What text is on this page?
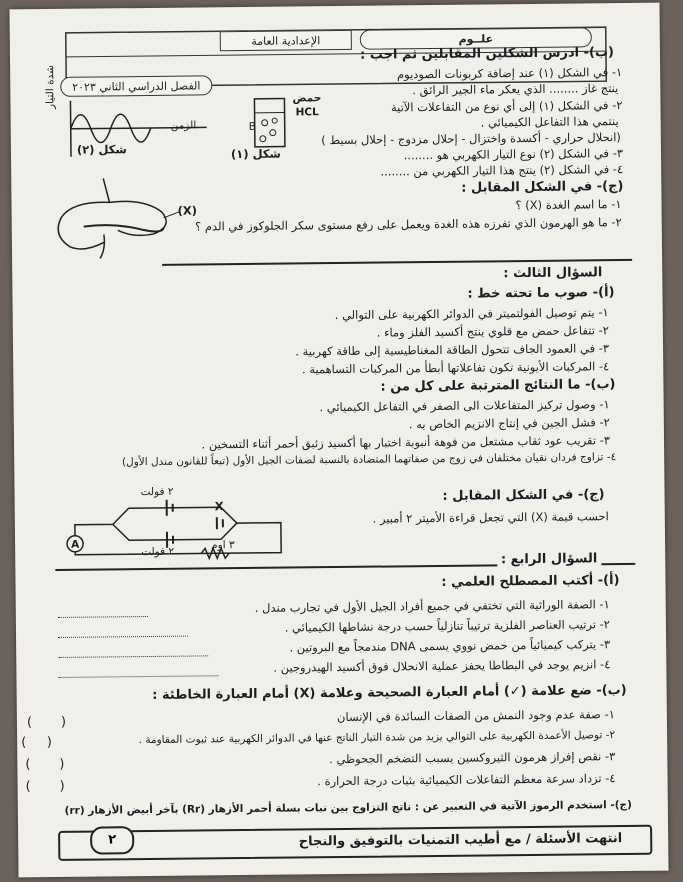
علــوم
الإعدادية العامة
الفصل الدراسي الثاني ٢٠٢٣
(ب)- ادرس الشكلين المقابلين ثم اجب :
١- في الشكل (١) عند إضافة كربونات الصوديوم
ينتج غاز ........ الذي يعكر ماء الجير الرائق .
٢- في الشكل (١) إلى أي نوع من التفاعلات الآتية
ينتمي هذا التفاعل الكيميائي .
(انحلال حراري - أكسدة واختزال - إحلال مزدوج - إحلال بسيط )
٣- في الشكل (٢) نوع التيار الكهربي هو ........
٤- في الشكل (٢) ينتج هذا التيار الكهربي من ........
حمض
HCL
B
شكل (١)
الزمن
شدة التيار
شكل (٢)
(ج)- في الشكل المقابل :
١- ما اسم الغدة (X) ؟
٢- ما هو الهرمون الذي تفرزه هذه الغدة ويعمل على رفع مستوى سكر الجلوكوز في الدم ؟
(X)
السؤال الثالث :
(أ)- صوب ما تحته خط :
١- يتم توصيل الفولتميتر في الدوائر الكهربية على التوالي .
٢- تتفاعل حمض مع قلوي ينتج أكسيد الفلز وماء .
٣- في العمود الجاف تتحول الطاقة المغناطيسية إلى طاقة كهربية .
٤- المركبات الأيونية تكون تفاعلاتها أبطأ من المركبات التساهمية .
(ب)- ما النتائج المترتبة على كل من :
١- وصول تركيز المتفاعلات الى الصفر في التفاعل الكيميائي .
٢- فشل الجين في إنتاج الانزيم الخاص به .
٣- تقريب عود ثقاب مشتعل من فوهة أنبوبة اختبار بها أكسيد زئبق أحمر أثناء التسخين .
٤- تزاوج فردان نقيان مختلفان في زوج من صفاتهما المتضادة بالنسبة لصفات الجيل الأول (تبعاً للقانون مندل الأول)
(ج)- في الشكل المقابل :
احسب قيمة (X) التي تجعل قراءة الأميتر ٢ أمبير .
A
٢ فولت
٢ فولت
٣ اوم
X
السؤال الرابع :
(أ)- أكتب المصطلح العلمي :
١- الصفة الوراثية التي تختفي في جميع أفراد الجيل الأول في تجارب مندل .
٢- ترتيب العناصر الفلزية ترتيباً تنازلياً حسب درجة نشاطها الكيميائي .
٣- يتركب كيميائياً من حمض نووي يسمى DNA مندمجاً مع البروتين .
٤- انزيم يوجد في البطاطا يحفز عملية الانحلال فوق أكسيد الهيدروجين .
(ب)- ضع علامة (✓) أمام العبارة الصحيحة وعلامة (X) أمام العبارة الخاطئة :
١- صفة عدم وجود النمش من الصفات السائدة في الإنسان
(       )
٢- توصيل الأعمدة الكهربية على التوالي يزيد من شدة التيار الناتج عنها في الدوائر الكهربية عند ثبوت المقاومة .
(     )
٣- نقص إفراز هرمون الثيروكسين يسبب التضخم الجحوظي .
(       )
٤- تزداد سرعة معظم التفاعلات الكيميائية بثبات درجة الحرارة .
(       )
(ج)- استخدم الرموز الآتية في التعبير عن : ناتج التزاوج بين نبات بسلة أحمر الأزهار (Rr) بآخر أبيض الأزهار (rr)
انتهت الأسئلة / مع أطيب التمنيات بالتوفيق والنجاح
٢
